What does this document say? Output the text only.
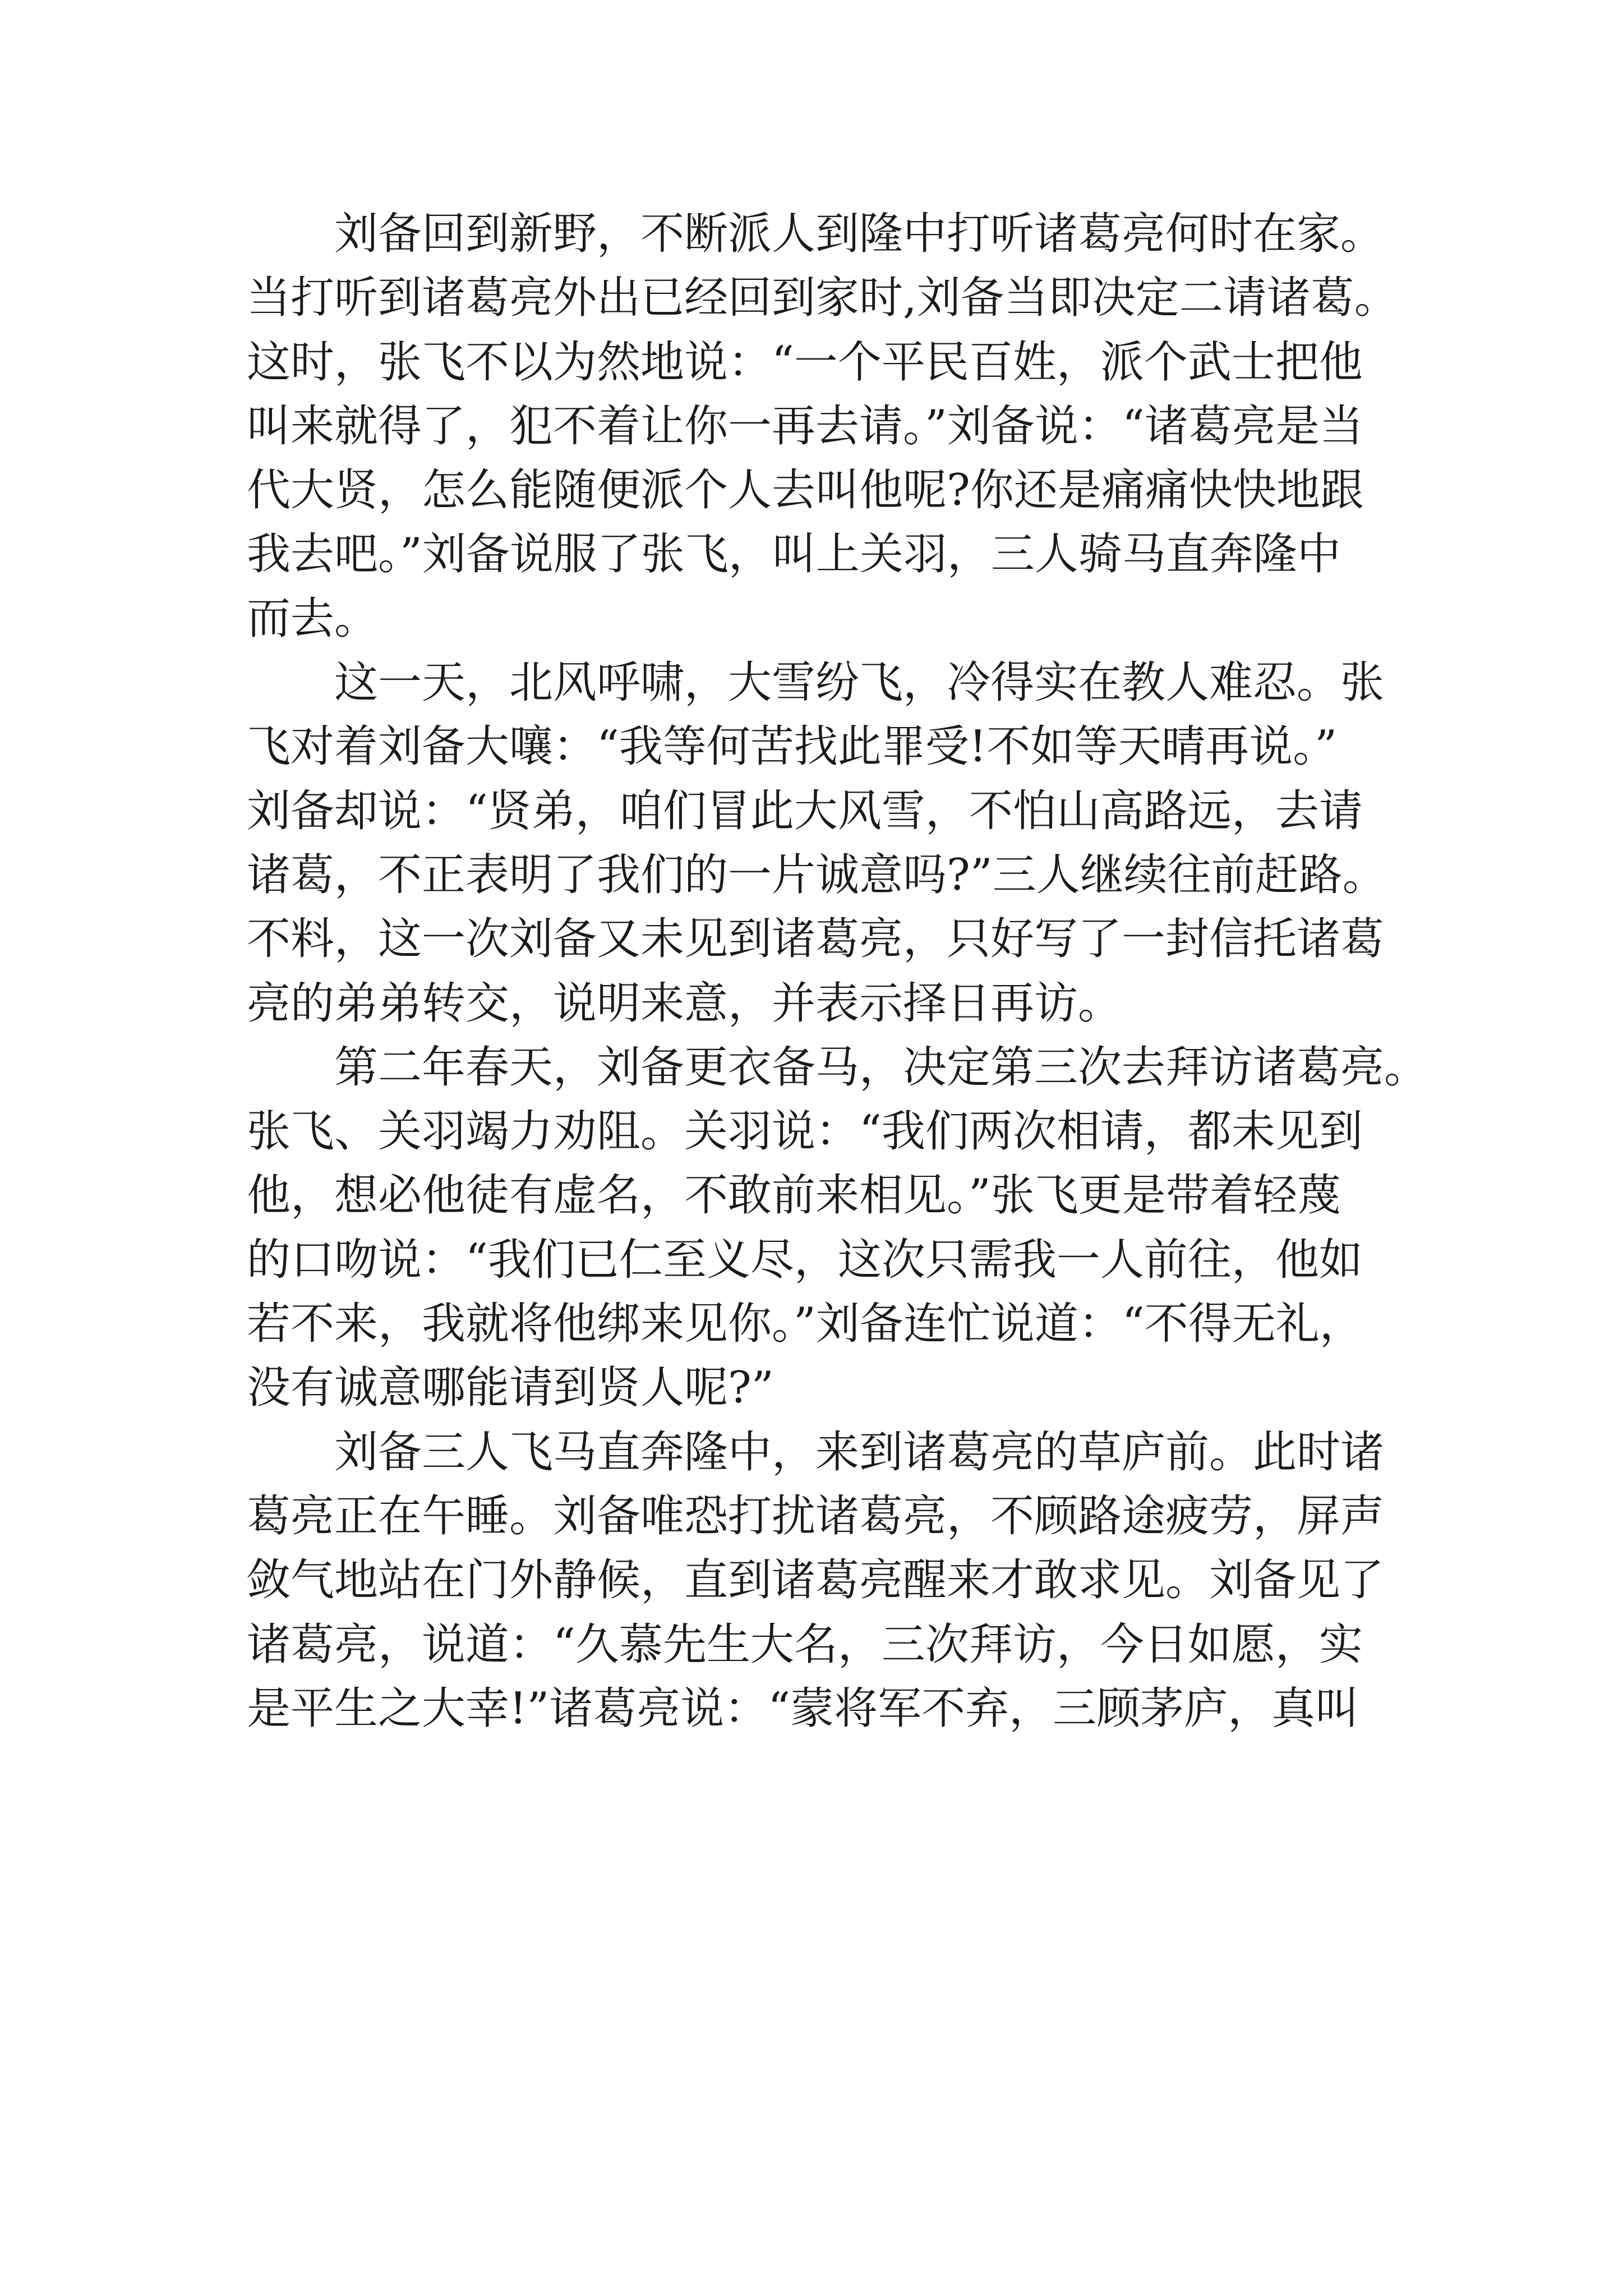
刘备回到新野，不断派人到隆中打听诸葛亮何时在家。
当打听到诸葛亮外出已经回到家时,刘备当即决定二请诸葛。
这时，张飞不以为然地说：“一个平民百姓，派个武士把他
叫来就得了，犯不着让你一再去请。”刘备说：“诸葛亮是当
代大贤，怎么能随便派个人去叫他呢?你还是痛痛快快地跟
我去吧。”刘备说服了张飞，叫上关羽，三人骑马直奔隆中
而去。
这一天，北风呼啸，大雪纷飞，冷得实在教人难忍。张
飞对着刘备大嚷：“我等何苦找此罪受!不如等天晴再说。”
刘备却说：“贤弟，咱们冒此大风雪，不怕山高路远，去请
诸葛，不正表明了我们的一片诚意吗?”三人继续往前赶路。
不料，这一次刘备又未见到诸葛亮，只好写了一封信托诸葛
亮的弟弟转交，说明来意，并表示择日再访。
第二年春天，刘备更衣备马，决定第三次去拜访诸葛亮。
张飞、关羽竭力劝阻。关羽说：“我们两次相请，都未见到
他，想必他徒有虚名，不敢前来相见。”张飞更是带着轻蔑
的口吻说：“我们已仁至义尽，这次只需我一人前往，他如
若不来，我就将他绑来见你。”刘备连忙说道：“不得无礼，
没有诚意哪能请到贤人呢?”
刘备三人飞马直奔隆中，来到诸葛亮的草庐前。此时诸
葛亮正在午睡。刘备唯恐打扰诸葛亮，不顾路途疲劳，屏声
敛气地站在门外静候，直到诸葛亮醒来才敢求见。刘备见了
诸葛亮，说道：“久慕先生大名，三次拜访，今日如愿，实
是平生之大幸!”诸葛亮说：“蒙将军不弃，三顾茅庐，真叫
